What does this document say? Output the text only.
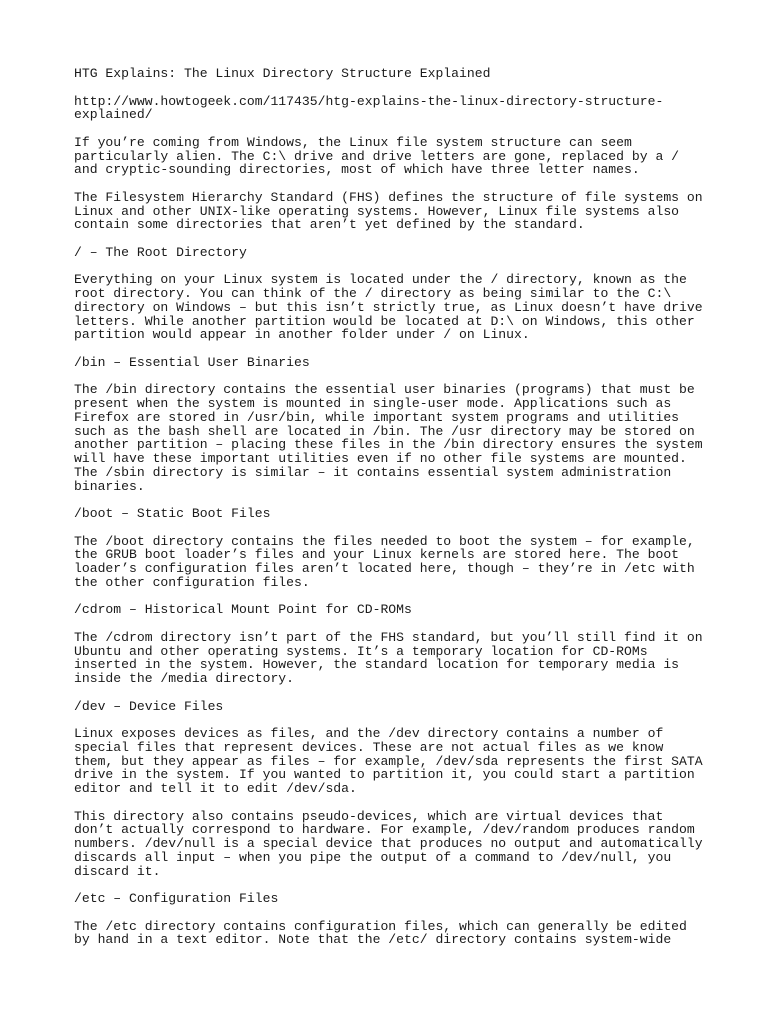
HTG Explains: The Linux Directory Structure Explained

http://www.howtogeek.com/117435/htg-explains-the-linux-directory-structure-
explained/

If you’re coming from Windows, the Linux file system structure can seem
particularly alien. The C:\ drive and drive letters are gone, replaced by a /
and cryptic-sounding directories, most of which have three letter names.

The Filesystem Hierarchy Standard (FHS) defines the structure of file systems on
Linux and other UNIX-like operating systems. However, Linux file systems also
contain some directories that aren’t yet defined by the standard.

/ – The Root Directory

Everything on your Linux system is located under the / directory, known as the
root directory. You can think of the / directory as being similar to the C:\
directory on Windows – but this isn’t strictly true, as Linux doesn’t have drive
letters. While another partition would be located at D:\ on Windows, this other
partition would appear in another folder under / on Linux.

/bin – Essential User Binaries

The /bin directory contains the essential user binaries (programs) that must be
present when the system is mounted in single-user mode. Applications such as
Firefox are stored in /usr/bin, while important system programs and utilities
such as the bash shell are located in /bin. The /usr directory may be stored on
another partition – placing these files in the /bin directory ensures the system
will have these important utilities even if no other file systems are mounted.
The /sbin directory is similar – it contains essential system administration
binaries.

/boot – Static Boot Files

The /boot directory contains the files needed to boot the system – for example,
the GRUB boot loader’s files and your Linux kernels are stored here. The boot
loader’s configuration files aren’t located here, though – they’re in /etc with
the other configuration files.

/cdrom – Historical Mount Point for CD-ROMs

The /cdrom directory isn’t part of the FHS standard, but you’ll still find it on
Ubuntu and other operating systems. It’s a temporary location for CD-ROMs
inserted in the system. However, the standard location for temporary media is
inside the /media directory.

/dev – Device Files

Linux exposes devices as files, and the /dev directory contains a number of
special files that represent devices. These are not actual files as we know
them, but they appear as files – for example, /dev/sda represents the first SATA
drive in the system. If you wanted to partition it, you could start a partition
editor and tell it to edit /dev/sda.

This directory also contains pseudo-devices, which are virtual devices that
don’t actually correspond to hardware. For example, /dev/random produces random
numbers. /dev/null is a special device that produces no output and automatically
discards all input – when you pipe the output of a command to /dev/null, you
discard it.

/etc – Configuration Files

The /etc directory contains configuration files, which can generally be edited
by hand in a text editor. Note that the /etc/ directory contains system-wide
